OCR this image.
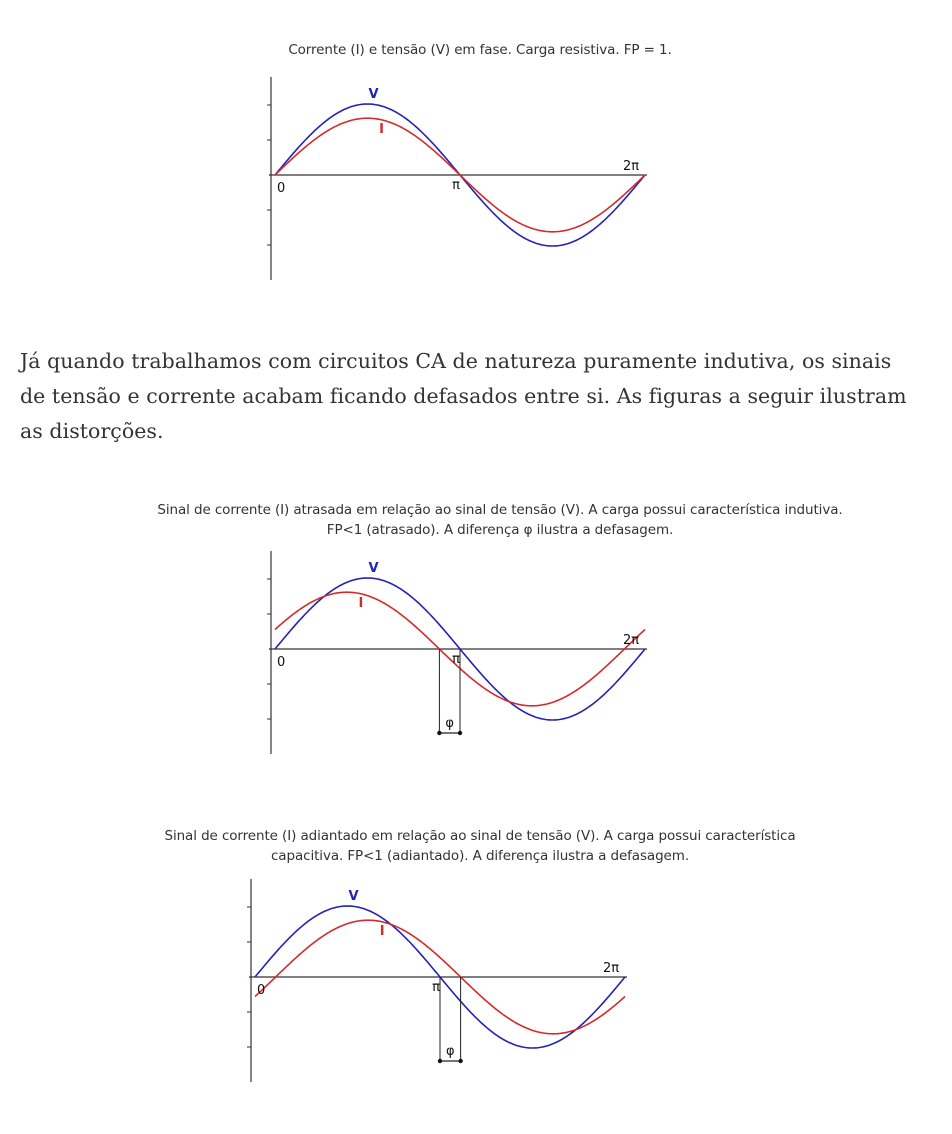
Corrente (I) e tensão (V) em fase. Carga resistiva. FP = 1.
V
I
0	π
2π

Já quando trabalhamos com circuitos CA de natureza puramente indutiva, os sinais de tensão e corrente acabam ficando defasados entre si. As figuras a seguir ilustram as distorções.

Sinal de corrente (I) atrasada em relação ao sinal de tensão (V). A carga possui característica indutiva.
FP<1 (atrasado). A diferença φ ilustra a defasagem.
V
I
0	π
2π
φ
Sinal de corrente (I) adiantado em relação ao sinal de tensão (V). A carga possui característica
capacitiva. FP<1 (adiantado). A diferença ilustra a defasagem.
V
I
0	π
2π
φ
